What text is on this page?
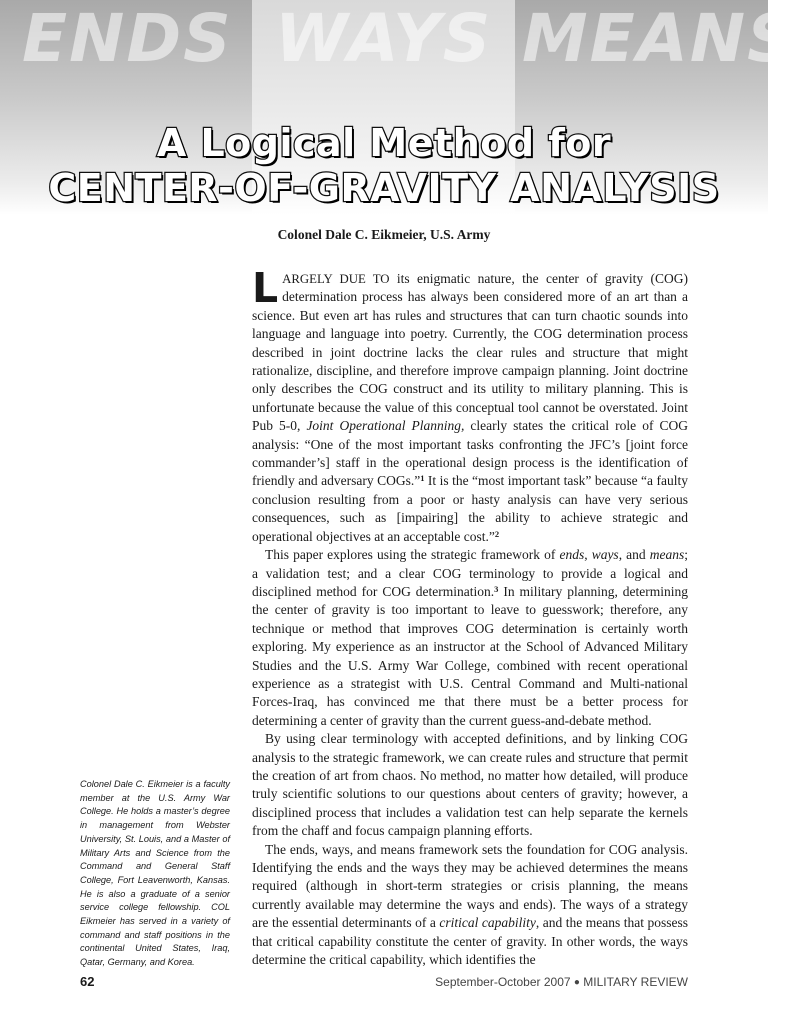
ENDS WAYS MEANS
A Logical Method for
CENTER-OF-GRAVITY ANALYSIS
Colonel Dale C. Eikmeier, U.S. Army
Colonel Dale C. Eikmeier is a faculty member at the U.S. Army War College. He holds a master’s degree in management from Webster University, St. Louis, and a Master of Military Arts and Science from the Command and General Staff College, Fort Leavenworth, Kansas. He is also a graduate of a senior service college fellowship. COL Eikmeier has served in a variety of command and staff positions in the continental United States, Iraq, Qatar, Germany, and Korea.

LARGELY DUE TO its enigmatic nature, the center of gravity (COG) determination process has always been considered more of an art than a science. But even art has rules and structures that can turn chaotic sounds into language and language into poetry. Currently, the COG determination process described in joint doctrine lacks the clear rules and structure that might rationalize, discipline, and therefore improve campaign planning. Joint doctrine only describes the COG construct and its utility to military planning. This is unfortunate because the value of this conceptual tool cannot be overstated. Joint Pub 5-0, Joint Operational Planning, clearly states the critical role of COG analysis: “One of the most important tasks confronting the JFC’s [joint force commander’s] staff in the operational design process is the identification of friendly and adversary COGs.”$^1$ It is the “most important task” because “a faulty conclusion resulting from a poor or hasty analysis can have very serious consequences, such as [impairing] the ability to achieve strategic and operational objectives at an acceptable cost.”$^2$

This paper explores using the strategic framework of ends, ways, and means; a validation test; and a clear COG terminology to provide a logical and disciplined method for COG determination.$^3$ In military planning, determining the center of gravity is too important to leave to guesswork; therefore, any technique or method that improves COG determination is certainly worth exploring. My experience as an instructor at the School of Advanced Military Studies and the U.S. Army War College, combined with recent operational experience as a strategist with U.S. Central Command and Multi-national Forces-Iraq, has convinced me that there must be a better process for determining a center of gravity than the current guess-and-debate method.

By using clear terminology with accepted definitions, and by linking COG analysis to the strategic framework, we can create rules and structure that permit the creation of art from chaos. No method, no matter how detailed, will produce truly scientific solutions to our questions about centers of gravity; however, a disciplined process that includes a validation test can help separate the kernels from the chaff and focus campaign planning efforts.

The ends, ways, and means framework sets the foundation for COG analysis. Identifying the ends and the ways they may be achieved determines the means required (although in short-term strategies or crisis planning, the means currently available may determine the ways and ends). The ways of a strategy are the essential determinants of a critical capability, and the means that possess that critical capability constitute the center of gravity. In other words, the ways determine the critical capability, which identifies the

62	September-October 2007 ● MILITARY REVIEW
